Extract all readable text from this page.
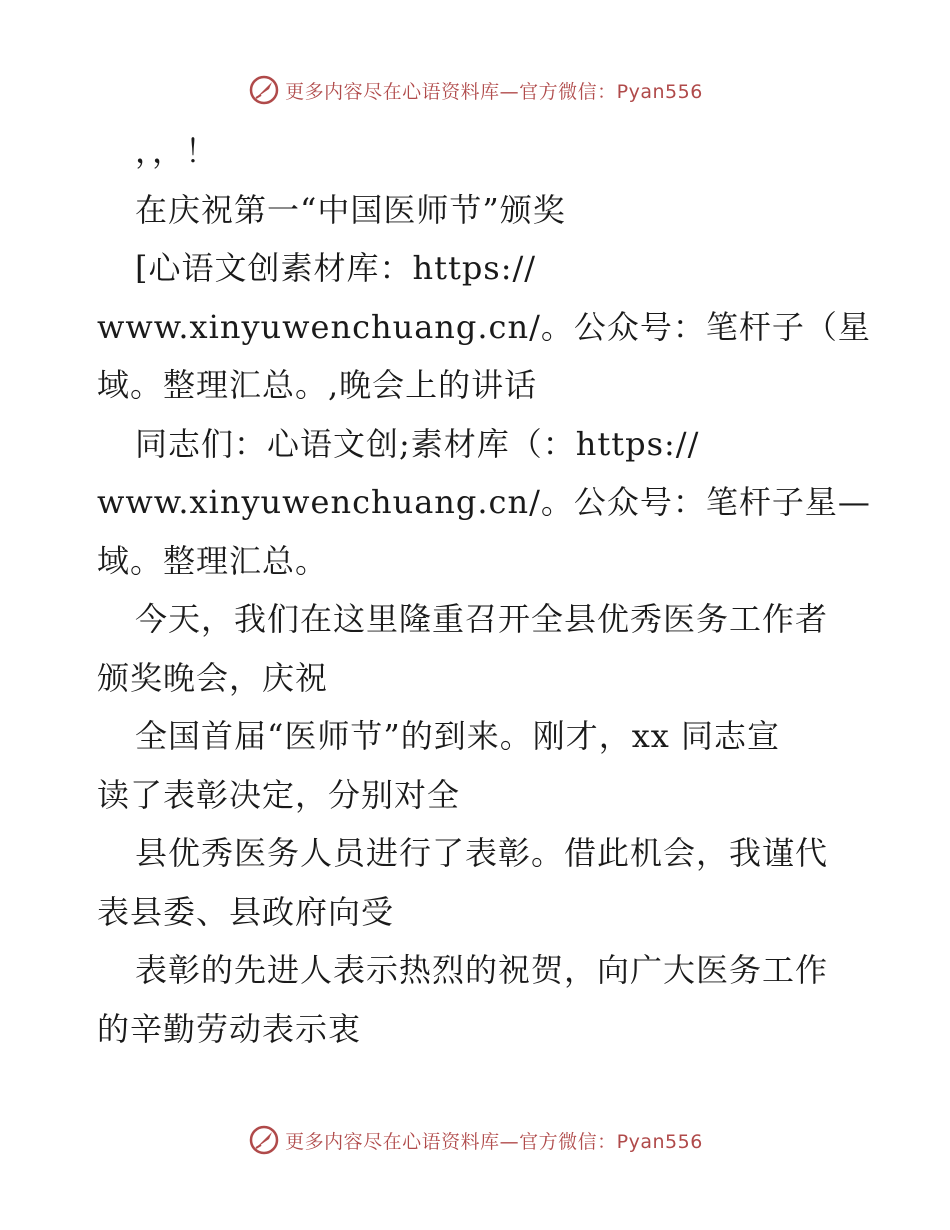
更多内容尽在心语资料库—官方微信：Pyan556
，，！
在庆祝第一“中国医师节”颁奖
[心语文创素材库：https://
www.xinyuwenchuang.cn/。公众号：笔杆子（星
域。整理汇总。,晚会上的讲话
同志们：心语文创;素材库（：https://
www.xinyuwenchuang.cn/。公众号：笔杆子星—
域。整理汇总。
今天，我们在这里隆重召开全县优秀医务工作者
颁奖晚会，庆祝
全国首届“医师节”的到来。刚才，xx 同志宣
读了表彰决定，分别对全
县优秀医务人员进行了表彰。借此机会，我谨代
表县委、县政府向受
表彰的先进人表示热烈的祝贺，向广大医务工作
的辛勤劳动表示衷
更多内容尽在心语资料库—官方微信：Pyan556
